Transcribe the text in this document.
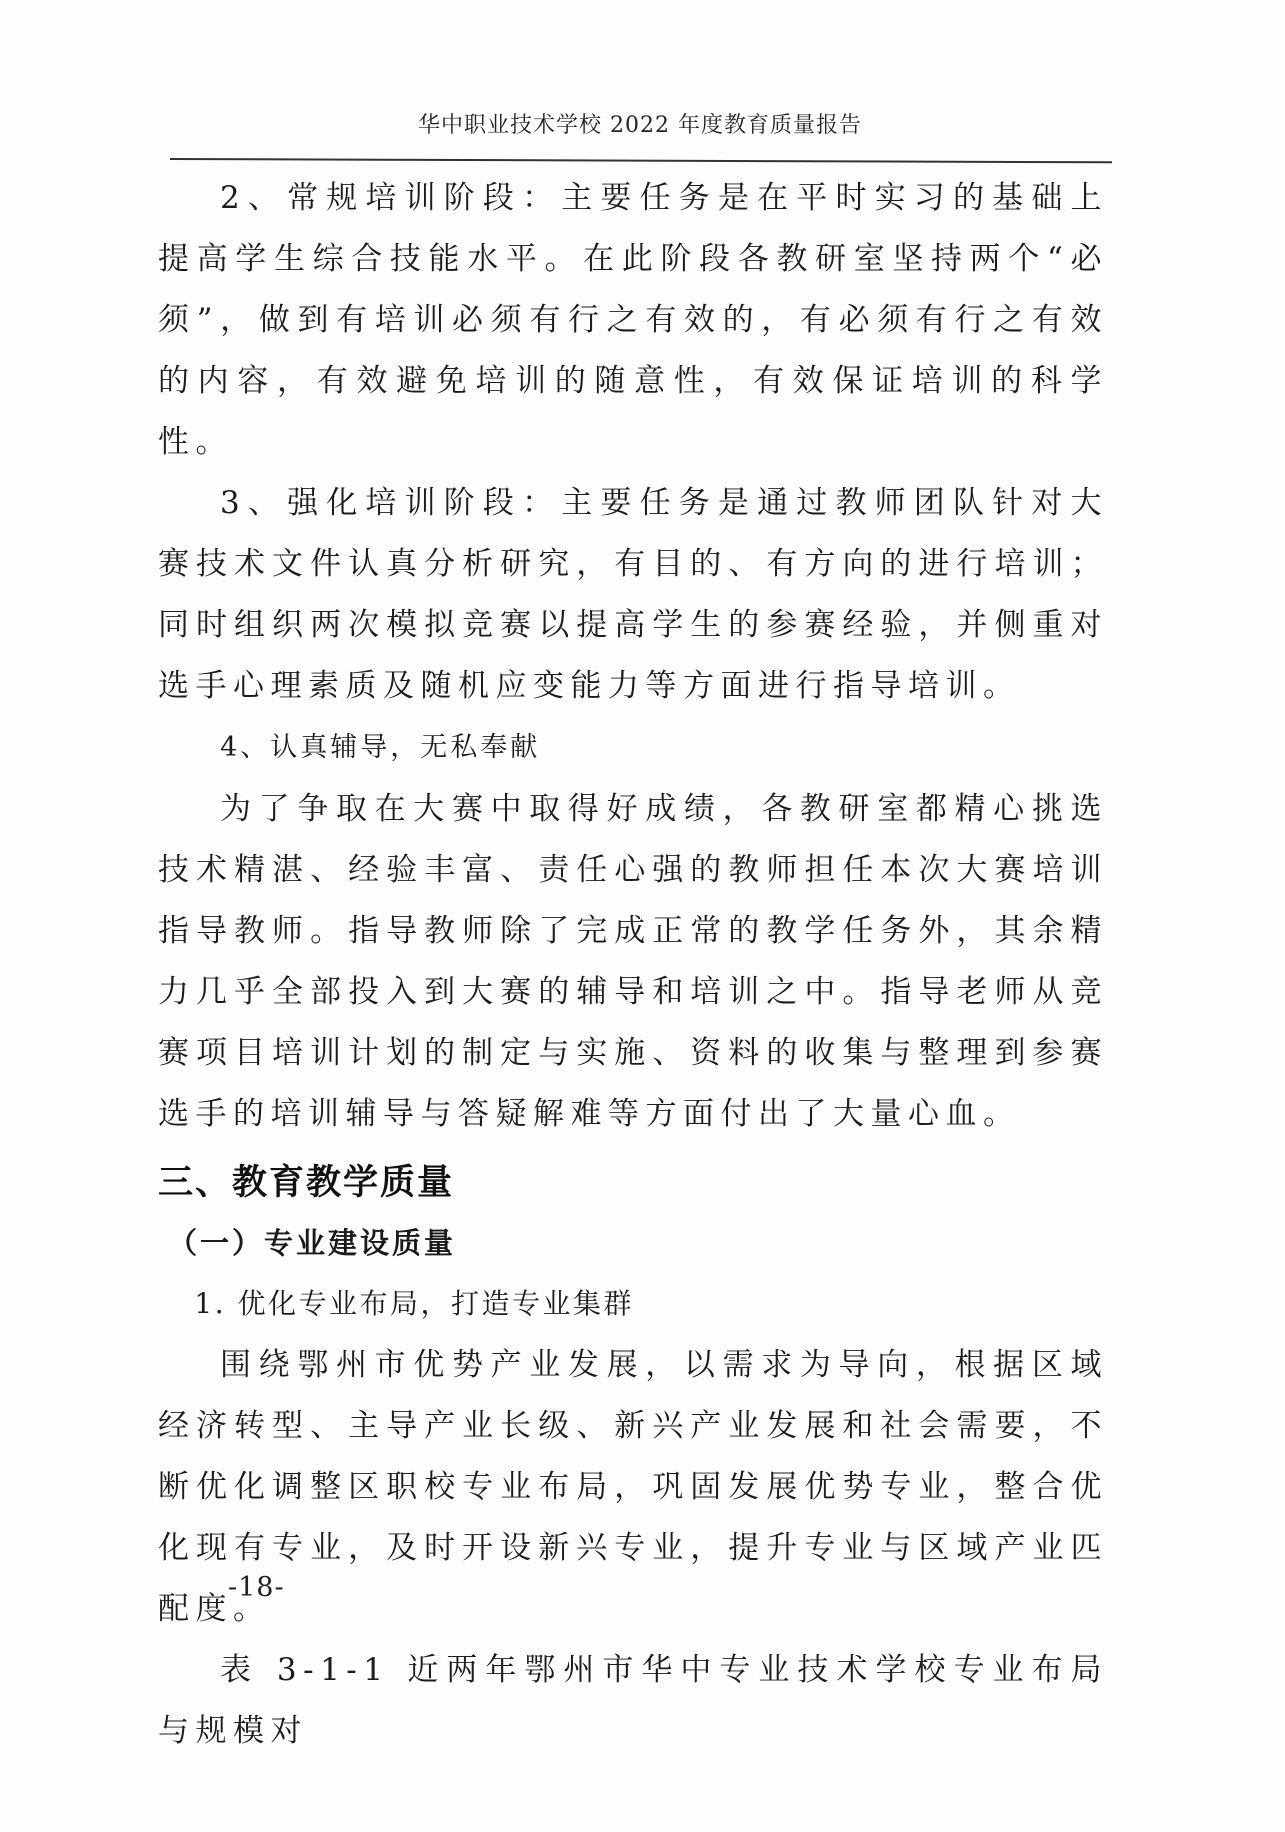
华中职业技术学校 2022 年度教育质量报告

2、常规培训阶段：主要任务是在平时实习的基础上提高学生综合技能水平。在此阶段各教研室坚持两个“必须”，做到有培训必须有行之有效的，有必须有行之有效的内容，有效避免培训的随意性，有效保证培训的科学性。

3、强化培训阶段：主要任务是通过教师团队针对大赛技术文件认真分析研究，有目的、有方向的进行培训；同时组织两次模拟竞赛以提高学生的参赛经验，并侧重对选手心理素质及随机应变能力等方面进行指导培训。

4、认真辅导，无私奉献

为了争取在大赛中取得好成绩，各教研室都精心挑选技术精湛、经验丰富、责任心强的教师担任本次大赛培训指导教师。指导教师除了完成正常的教学任务外，其余精力几乎全部投入到大赛的辅导和培训之中。指导老师从竞赛项目培训计划的制定与实施、资料的收集与整理到参赛选手的培训辅导与答疑解难等方面付出了大量心血。

三、教育教学质量
（一）专业建设质量

1. 优化专业布局，打造专业集群

围绕鄂州市优势产业发展，以需求为导向，根据区域经济转型、主导产业长级、新兴产业发展和社会需要，不断优化调整区职校专业布局，巩固发展优势专业，整合优化现有专业，及时开设新兴专业，提升专业与区域产业匹配度。

表 3-1-1 近两年鄂州市华中专业技术学校专业布局与规模对

-18-
